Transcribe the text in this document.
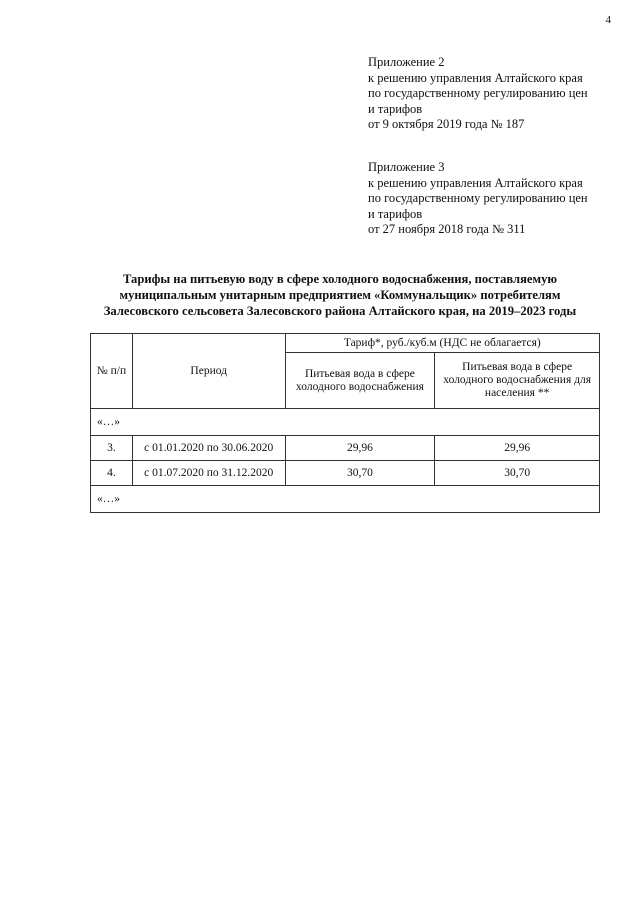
4
Приложение 2
к решению управления Алтайского края
по государственному регулированию цен
и тарифов
от 9 октября 2019 года № 187
Приложение 3
к решению управления Алтайского края
по государственному регулированию цен
и тарифов
от 27 ноября 2018 года № 311
Тарифы на питьевую воду в сфере холодного водоснабжения, поставляемую
муниципальным унитарным предприятием «Коммунальщик» потребителям
Залесовского сельсовета Залесовского района Алтайского края, на 2019–2023 годы
№ п/п	Период	Тариф*, руб./куб.м (НДС не облагается)	
		Питьевая вода в сфере холодного водоснабжения	Питьевая вода в сфере холодного водоснабжения для населения **
«…»			
3.	с 01.01.2020 по 30.06.2020	29,96	29,96
4.	с 01.07.2020 по 31.12.2020	30,70	30,70
«…»			
